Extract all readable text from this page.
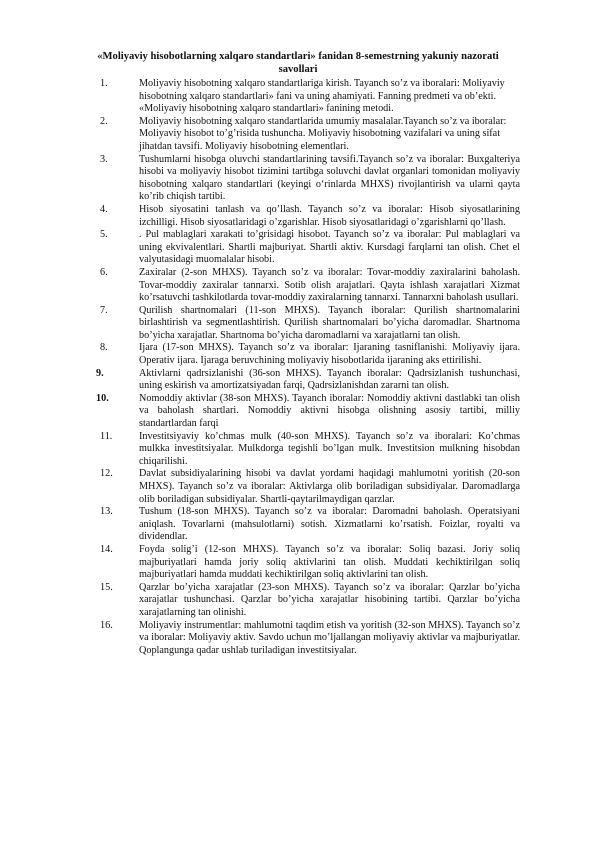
«Moliyaviy hisobotlarning xalqaro standartlari» fanidan 8-semestrning yakuniy nazorati savollari
1.	Moliyaviy hisobotning xalqaro standartlariga kirish. Tayanch so’z va iboralari: Moliyaviy hisobotning xalqaro standartlari» fani va uning ahamiyati. Fanning predmeti va ob’ekti. «Moliyaviy hisobotning xalqaro standartlari» fanining metodi.
2.	Moliyaviy hisobotning xalqaro standartlarida umumiy masalalar.Tayanch so’z va iboralar: Moliyaviy hisobot to’g’risida tushuncha. Moliyaviy hisobotning vazifalari va uning sifat jihatdan tavsifi. Moliyaviy hisobotning elementlari.
3.	Tushumlarni hisobga oluvchi standartlarining tavsifi.Tayanch so’z va iboralar: Buxgalteriya hisobi va moliyaviy hisobot tizimini tartibga soluvchi davlat organlari tomonidan moliyaviy hisobotning xalqaro standartlari (keyingi o‘rinlarda MHXS) rivojlantirish va ularni qayta ko’rib chiqish tartibi.
4.	Hisob siyosatini tanlash va qo’llash. Tayanch so’z va iboralar: Hisob siyosatlarining izchilligi. Hisob siyosatlaridagi o’zgarishlar. Hisob siyosatlaridagi o’zgarishlarni qo’llash.
5.	. Pul mablaglari xarakati to’grisidagi hisobot. Tayanch so’z va iboralar: Pul mablaglari va uning ekvivalentlari. Shartli majburiyat. Shartli aktiv. Kursdagi farqlarni tan olish. Chet el valyutasidagi muomalalar hisobi.
6.	Zaxiralar (2-son MHXS). Tayanch so’z va iboralar: Tovar-moddiy zaxiralarini baholash. Tovar-moddiy zaxiralar tannarxi. Sotib olish arajatlari. Qayta ishlash xarajatlari Xizmat ko’rsatuvchi tashkilotlarda tovar-moddiy zaxiralarning tannarxi. Tannarxni baholash usullari.
7.	Qurilish shartnomalari (11-son MHXS). Tayanch iboralar: Qurilish shartnomalarini birlashtirish va segmentlashtirish. Qurilish shartnomalari bo’yicha daromadlar. Shartnoma bo’yicha xarajatlar. Shartnoma bo’yicha daromadlarni va xarajatlarni tan olish.
8.	Ijara (17-son MHXS). Tayanch so’z va iboralar: Ijaraning tasniflanishi. Moliyaviy ijara. Operativ ijara. Ijaraga beruvchining moliyaviy hisobotlarida ijaraning aks ettirilishi.
9.	Aktivlarni qadrsizlanishi (36-son MHXS). Tayanch iboralar: Qadrsizlanish tushunchasi, uning eskirish va amortizatsiyadan farqi, Qadrsizlanishdan zararni tan olish.
10.	Nomoddiy aktivlar (38-son MHXS). Tayanch iboralar: Nomoddiy aktivni dastlabki tan olish va baholash shartlari. Nomoddiy aktivni hisobga olishning asosiy tartibi, milliy standartlardan farqi
11.	Investitsiyaviy ko’chmas mulk (40-son MHXS). Tayanch so’z va iboralari: Ko’chmas mulkka investitsiyalar. Mulkdorga tegishli bo’lgan mulk. Investitsion mulkning hisobdan chiqarilishi.
12.	Davlat subsidiyalarining hisobi va davlat yordami haqidagi mahlumotni yoritish (20-son MHXS). Tayanch so’z va iboralar: Aktivlarga olib boriladigan subsidiyalar. Daromadlarga olib boriladigan subsidiyalar. Shartli-qaytarilmaydigan qarzlar.
13.	Tushum (18-son MHXS). Tayanch so’z va iboralar: Daromadni baholash. Operatsiyani aniqlash. Tovarlarni (mahsulotlarni) sotish. Xizmatlarni ko’rsatish. Foizlar, royalti va dividendlar.
14.	Foyda solig’i (12-son MHXS). Tayanch so’z va iboralar: Soliq bazasi. Joriy soliq majburiyatlari hamda joriy soliq aktivlarini tan olish. Muddati kechiktirilgan soliq majburiyatlari hamda muddati kechiktirilgan soliq aktivlarini tan olish.
15.	Qarzlar bo’yicha xarajatlar (23-son MHXS). Tayanch so’z va iboralar: Qarzlar bo’yicha xarajatlar tushunchasi. Qarzlar bo’yicha xarajatlar hisobining tartibi. Qarzlar bo’yicha xarajatlarning tan olinishi.
16.	Moliyaviy instrumentlar: mahlumotni taqdim etish va yoritish (32-son MHXS). Tayanch so’z va iboralar: Moliyaviy aktiv. Savdo uchun mo’ljallangan moliyaviy aktivlar va majburiyatlar. Qoplangunga qadar ushlab turiladigan investitsiyalar.
